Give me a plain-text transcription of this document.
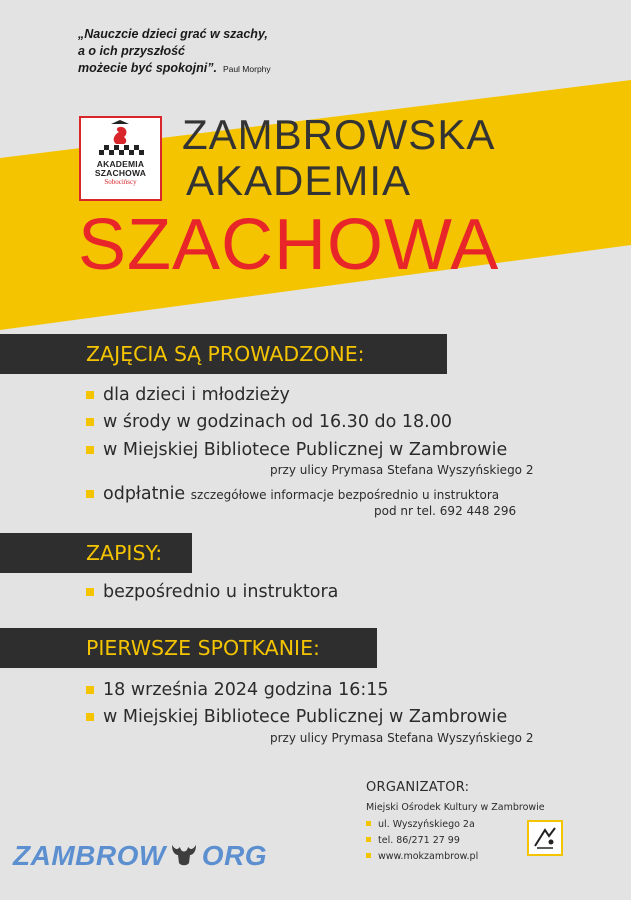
„Nauczcie dzieci grać w szachy,
a o ich przyszłość
możecie być spokojni”. Paul Morphy
AKADEMIA
SZACHOWA
Sobocińscy
ZAMBROWSKA
AKADEMIA
SZACHOWA
ZAJĘCIA SĄ PROWADZONE:
dla dzieci i młodzieży
w środy w godzinach od 16.30 do 18.00
w Miejskiej Bibliotece Publicznej w Zambrowie
przy ulicy Prymasa Stefana Wyszyńskiego 2
odpłatnie szczegółowe informacje bezpośrednio u instruktora
pod nr tel. 692 448 296
ZAPISY:
bezpośrednio u instruktora
PIERWSZE SPOTKANIE:
18 września 2024 godzina 16:15
w Miejskiej Bibliotece Publicznej w Zambrowie
przy ulicy Prymasa Stefana Wyszyńskiego 2
ORGANIZATOR:
Miejski Ośrodek Kultury w Zambrowie
ul. Wyszyńskiego 2a
tel. 86/271 27 99
www.mokzambrow.pl
ZAMBROW ORG
